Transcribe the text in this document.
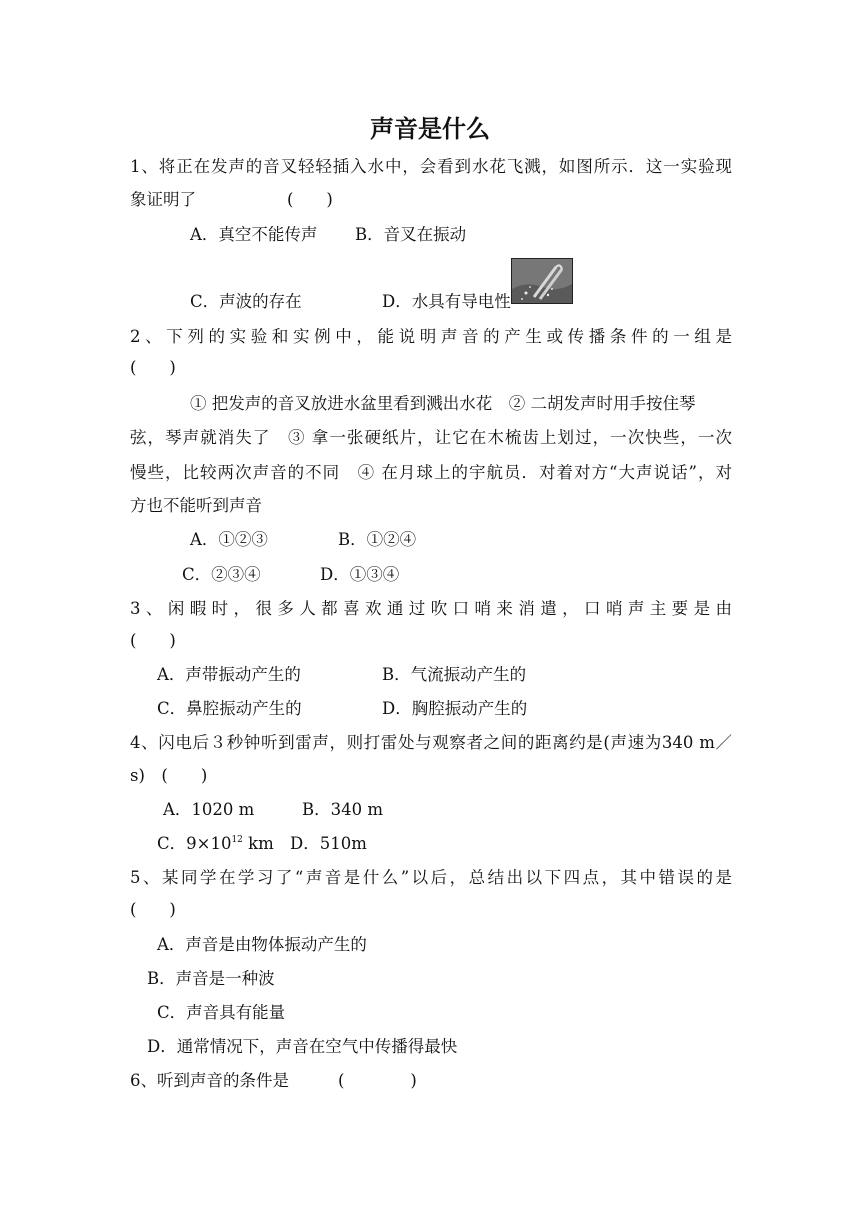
声音是什么
1、将正在发声的音叉轻轻插入水中，会看到水花飞溅，如图所示．这一实验现
象证明了	(　　)
A．真空不能传声 B．音叉在振动
C．声波的存在	D．水具有导电性
2、下列的实验和实例中，能说明声音的产生或传播条件的一组是
(　　)
① 把发声的音叉放进水盆里看到溅出水花　② 二胡发声时用手按住琴
弦，琴声就消失了　③ 拿一张硬纸片，让它在木梳齿上划过，一次快些，一次
慢些，比较两次声音的不同　④ 在月球上的宇航员．对着对方“大声说话”，对
方也不能听到声音
A．①②③	B．①②④
C．②③④	D．①③④
3、闲暇时，很多人都喜欢通过吹口哨来消遣，口哨声主要是由
(　　)
A．声带振动产生的	B．气流振动产生的
C．鼻腔振动产生的	D．胸腔振动产生的
4、闪电后３秒钟听到雷声，则打雷处与观察者之间的距离约是(声速为340 m／
s)　(　　)
A．1020 m	B．340 m
C．$9\times 10^{12}$ km D．510m
5、某同学在学习了“声音是什么”以后，总结出以下四点，其中错误的是
(　　)
A．声音是由物体振动产生的
B．声音是一种波
C．声音具有能量
D．通常情况下，声音在空气中传播得最快
6、听到声音的条件是	(　　　　)
